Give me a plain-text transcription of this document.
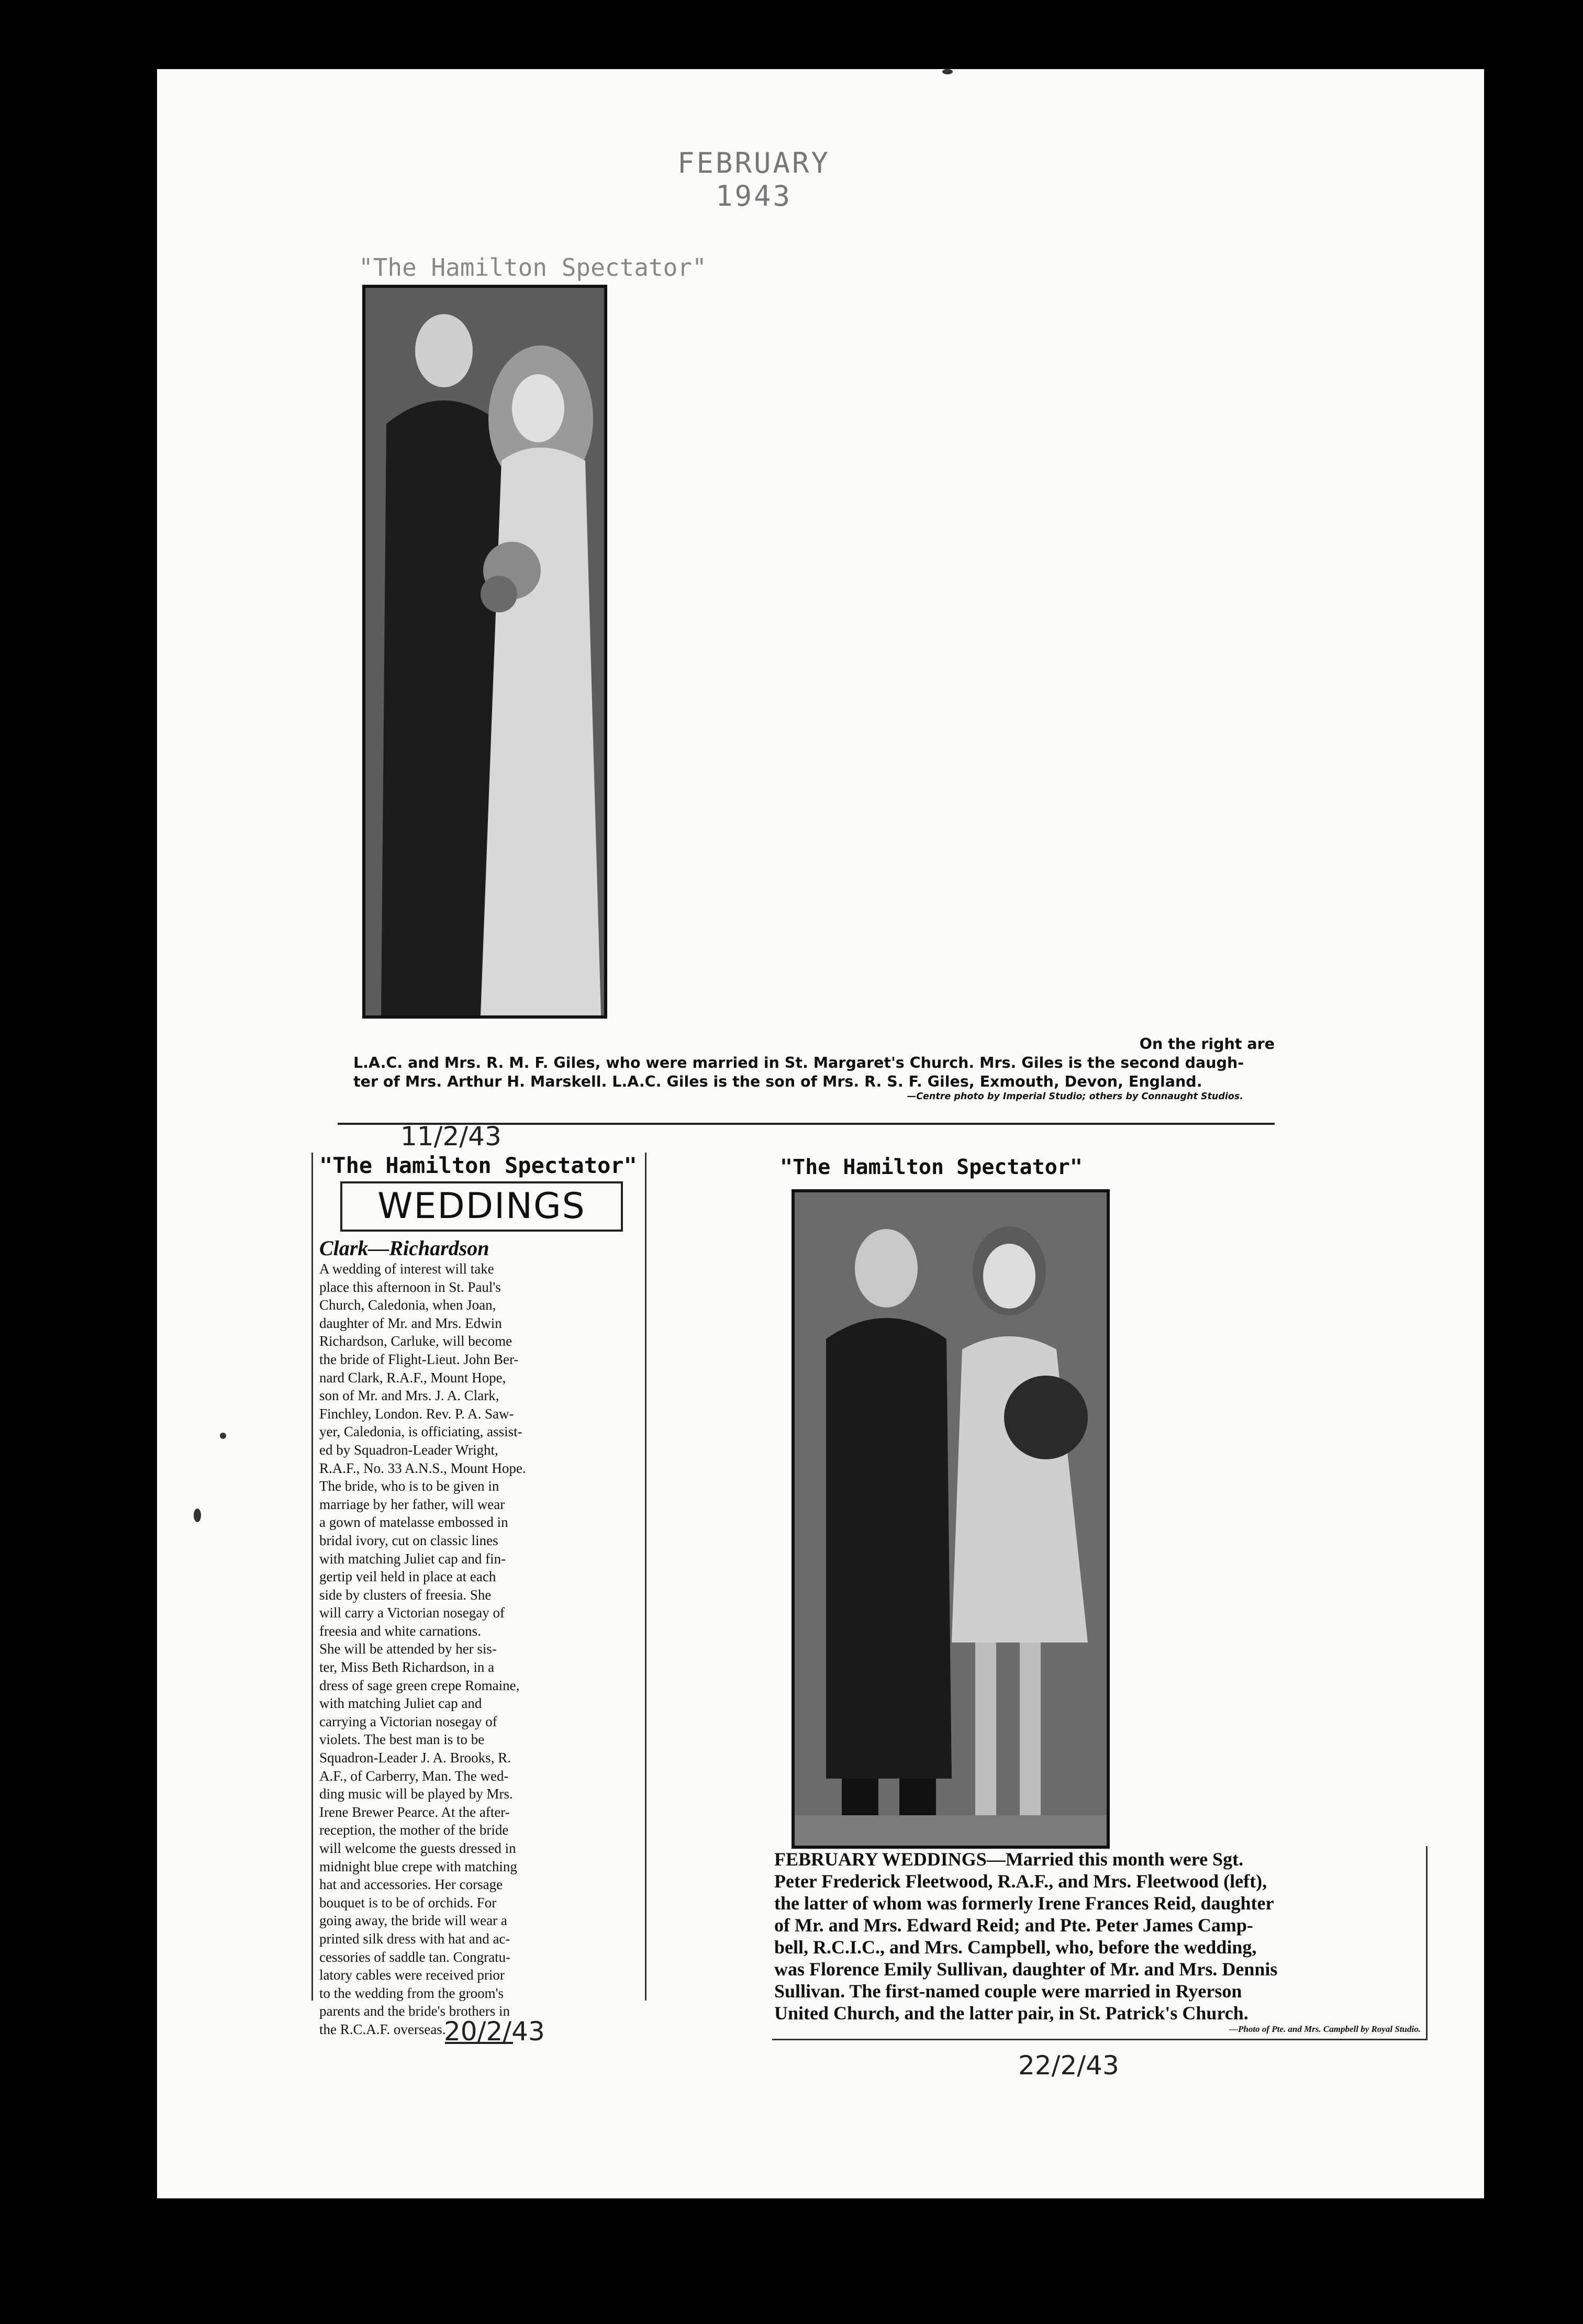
FEBRUARY 1943
"The Hamilton Spectator"
On the right are
L.A.C. and Mrs. R. M. F. Giles, who were married in St. Margaret's Church. Mrs. Giles is the second daugh-
ter of Mrs. Arthur H. Marskell. L.A.C. Giles is the son of Mrs. R. S. F. Giles, Exmouth, Devon, England.
—Centre photo by Imperial Studio; others by Connaught Studios.
11/2/43
"The Hamilton Spectator"
WEDDINGS
Clark—Richardson
A wedding of interest will take
place this afternoon in St. Paul's
Church, Caledonia, when Joan,
daughter of Mr. and Mrs. Edwin
Richardson, Carluke, will become
the bride of Flight-Lieut. John Ber-
nard Clark, R.A.F., Mount Hope,
son of Mr. and Mrs. J. A. Clark,
Finchley, London. Rev. P. A. Saw-
yer, Caledonia, is officiating, assist-
ed by Squadron-Leader Wright,
R.A.F., No. 33 A.N.S., Mount Hope.
The bride, who is to be given in
marriage by her father, will wear
a gown of matelasse embossed in
bridal ivory, cut on classic lines
with matching Juliet cap and fin-
gertip veil held in place at each
side by clusters of freesia. She
will carry a Victorian nosegay of
freesia and white carnations.
She will be attended by her sis-
ter, Miss Beth Richardson, in a
dress of sage green crepe Romaine,
with matching Juliet cap and
carrying a Victorian nosegay of
violets. The best man is to be
Squadron-Leader J. A. Brooks, R.
A.F., of Carberry, Man. The wed-
ding music will be played by Mrs.
Irene Brewer Pearce. At the after-
reception, the mother of the bride
will welcome the guests dressed in
midnight blue crepe with matching
hat and accessories. Her corsage
bouquet is to be of orchids. For
going away, the bride will wear a
printed silk dress with hat and ac-
cessories of saddle tan. Congratu-
latory cables were received prior
to the wedding from the groom's
parents and the bride's brothers in
the R.C.A.F. overseas.
20/2/43
"The Hamilton Spectator"
FEBRUARY WEDDINGS—Married this month were Sgt.
Peter Frederick Fleetwood, R.A.F., and Mrs. Fleetwood (left),
the latter of whom was formerly Irene Frances Reid, daughter
of Mr. and Mrs. Edward Reid; and Pte. Peter James Camp-
bell, R.C.I.C., and Mrs. Campbell, who, before the wedding,
was Florence Emily Sullivan, daughter of Mr. and Mrs. Dennis
Sullivan. The first-named couple were married in Ryerson
United Church, and the latter pair, in St. Patrick's Church.
—Photo of Pte. and Mrs. Campbell by Royal Studio.
22/2/43
